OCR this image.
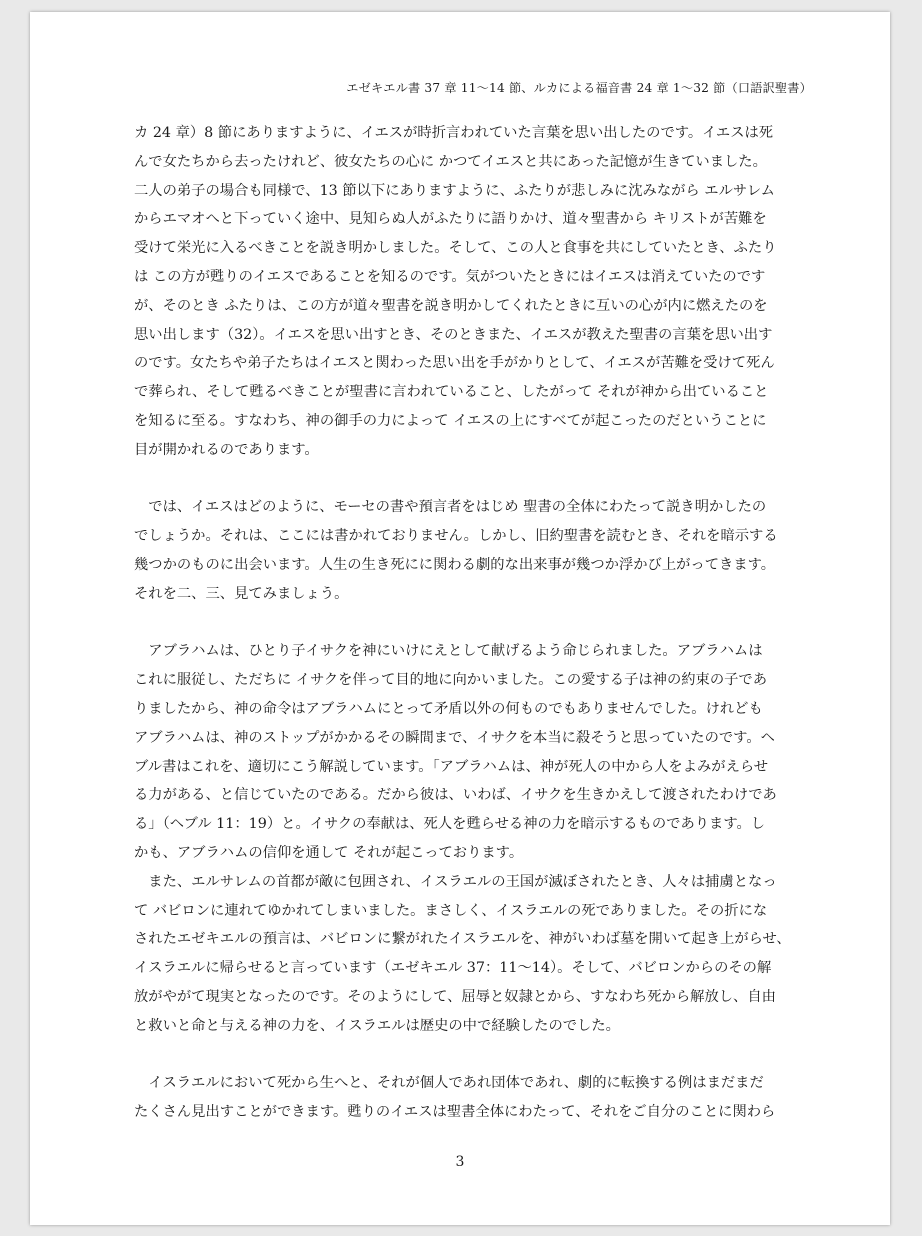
エゼキエル書 37 章 11〜14 節、ルカによる福音書 24 章 1〜32 節（口語訳聖書）
カ 24 章）8 節にありますように、イエスが時折言われていた言葉を思い出したのです。イエスは死
んで女たちから去ったけれど、彼女たちの心に かつてイエスと共にあった記憶が生きていました。
二人の弟子の場合も同様で、13 節以下にありますように、ふたりが悲しみに沈みながら エルサレム
からエマオへと下っていく途中、見知らぬ人がふたりに語りかけ、道々聖書から キリストが苦難を
受けて栄光に入るべきことを説き明かしました。そして、この人と食事を共にしていたとき、ふたり
は この方が甦りのイエスであることを知るのです。気がついたときにはイエスは消えていたのです
が、そのとき ふたりは、この方が道々聖書を説き明かしてくれたときに互いの心が内に燃えたのを
思い出します（32）。イエスを思い出すとき、そのときまた、イエスが教えた聖書の言葉を思い出す
のです。女たちや弟子たちはイエスと関わった思い出を手がかりとして、イエスが苦難を受けて死ん
で葬られ、そして甦るべきことが聖書に言われていること、したがって それが神から出ていること
を知るに至る。すなわち、神の御手の力によって イエスの上にすべてが起こったのだということに
目が開かれるのであります。
　では、イエスはどのように、モーセの書や預言者をはじめ 聖書の全体にわたって説き明かしたの
でしょうか。それは、ここには書かれておりません。しかし、旧約聖書を読むとき、それを暗示する
幾つかのものに出会います。人生の生き死にに関わる劇的な出来事が幾つか浮かび上がってきます。
それを二、三、見てみましょう。
　アブラハムは、ひとり子イサクを神にいけにえとして献げるよう命じられました。アブラハムは
これに服従し、ただちに イサクを伴って目的地に向かいました。この愛する子は神の約束の子であ
りましたから、神の命令はアブラハムにとって矛盾以外の何ものでもありませんでした。けれども
アブラハムは、神のストップがかかるその瞬間まで、イサクを本当に殺そうと思っていたのです。ヘ
ブル書はこれを、適切にこう解説しています。「アブラハムは、神が死人の中から人をよみがえらせ
る力がある、と信じていたのである。だから彼は、いわば、イサクを生きかえして渡されたわけであ
る」（ヘブル 11：19）と。イサクの奉献は、死人を甦らせる神の力を暗示するものであります。し
かも、アブラハムの信仰を通して それが起こっております。
　また、エルサレムの首都が敵に包囲され、イスラエルの王国が滅ぼされたとき、人々は捕虜となっ
て バビロンに連れてゆかれてしまいました。まさしく、イスラエルの死でありました。その折にな
されたエゼキエルの預言は、バビロンに繋がれたイスラエルを、神がいわば墓を開いて起き上がらせ、
イスラエルに帰らせると言っています（エゼキエル 37：11〜14）。そして、バビロンからのその解
放がやがて現実となったのです。そのようにして、屈辱と奴隷とから、すなわち死から解放し、自由
と救いと命と与える神の力を、イスラエルは歴史の中で経験したのでした。
　イスラエルにおいて死から生へと、それが個人であれ団体であれ、劇的に転換する例はまだまだ
たくさん見出すことができます。甦りのイエスは聖書全体にわたって、それをご自分のことに関わら
3
